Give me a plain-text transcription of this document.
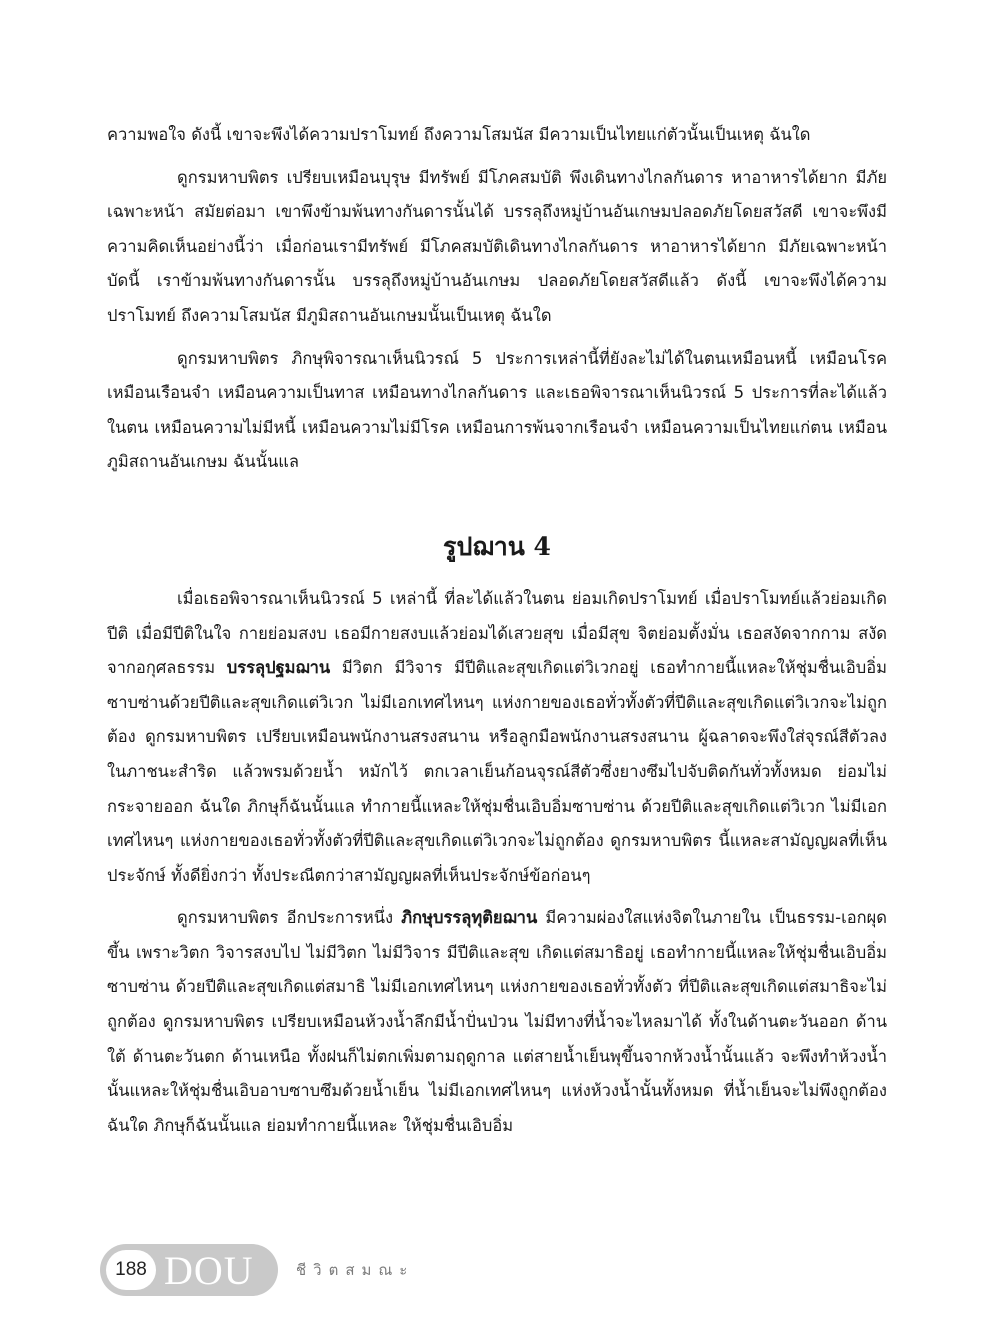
ความพอใจ ดังนี้ เขาจะพึงได้ความปราโมทย์ ถึงความโสมนัส มีความเป็นไทยแก่ตัวนั้นเป็นเหตุ ฉันใด

ดูกรมหาบพิตร เปรียบเหมือนบุรุษ มีทรัพย์ มีโภคสมบัติ พึงเดินทางไกลกันดาร หาอาหารได้ยาก มีภัยเฉพาะหน้า สมัยต่อมา เขาพึงข้ามพ้นทางกันดารนั้นได้ บรรลุถึงหมู่บ้านอันเกษมปลอดภัยโดยสวัสดี เขาจะพึงมีความคิดเห็นอย่างนี้ว่า เมื่อก่อนเรามีทรัพย์ มีโภคสมบัติเดินทางไกลกันดาร หาอาหารได้ยาก มีภัยเฉพาะหน้า บัดนี้ เราข้ามพ้นทางกันดารนั้น บรรลุถึงหมู่บ้านอันเกษม ปลอดภัยโดยสวัสดีแล้ว ดังนี้ เขาจะพึงได้ความปราโมทย์ ถึงความโสมนัส มีภูมิสถานอันเกษมนั้นเป็นเหตุ ฉันใด

ดูกรมหาบพิตร ภิกษุพิจารณาเห็นนิวรณ์ 5 ประการเหล่านี้ที่ยังละไม่ได้ในตนเหมือนหนี้ เหมือนโรค เหมือนเรือนจำ เหมือนความเป็นทาส เหมือนทางไกลกันดาร และเธอพิจารณาเห็นนิวรณ์ 5 ประการที่ละได้แล้วในตน เหมือนความไม่มีหนี้ เหมือนความไม่มีโรค เหมือนการพ้นจากเรือนจำ เหมือนความเป็นไทยแก่ตน เหมือนภูมิสถานอันเกษม ฉันนั้นแล

รูปฌาน 4

เมื่อเธอพิจารณาเห็นนิวรณ์ 5 เหล่านี้ ที่ละได้แล้วในตน ย่อมเกิดปราโมทย์ เมื่อปราโมทย์แล้วย่อมเกิดปีติ เมื่อมีปีติในใจ กายย่อมสงบ เธอมีกายสงบแล้วย่อมได้เสวยสุข เมื่อมีสุข จิตย่อมตั้งมั่น เธอสงัดจากกาม สงัดจากอกุศลธรรม บรรลุปฐมฌาน มีวิตก มีวิจาร มีปีติและสุขเกิดแต่วิเวกอยู่ เธอทำกายนี้แหละให้ชุ่มชื่นเอิบอิ่มซาบซ่านด้วยปีติและสุขเกิดแต่วิเวก ไม่มีเอกเทศไหนๆ แห่งกายของเธอทั่วทั้งตัวที่ปีติและสุขเกิดแต่วิเวกจะไม่ถูกต้อง ดูกรมหาบพิตร เปรียบเหมือนพนักงานสรงสนาน หรือลูกมือพนักงานสรงสนาน ผู้ฉลาดจะพึงใส่จุรณ์สีตัวลงในภาชนะสำริด แล้วพรมด้วยน้ำ หมักไว้ ตกเวลาเย็นก้อนจุรณ์สีตัวซึ่งยางซึมไปจับติดกันทั่วทั้งหมด ย่อมไม่กระจายออก ฉันใด ภิกษุก็ฉันนั้นแล ทำกายนี้แหละให้ชุ่มชื่นเอิบอิ่มซาบซ่าน ด้วยปีติและสุขเกิดแต่วิเวก ไม่มีเอกเทศไหนๆ แห่งกายของเธอทั่วทั้งตัวที่ปีติและสุขเกิดแต่วิเวกจะไม่ถูกต้อง ดูกรมหาบพิตร นี้แหละสามัญญผลที่เห็นประจักษ์ ทั้งดียิ่งกว่า ทั้งประณีตกว่าสามัญญผลที่เห็นประจักษ์ข้อก่อนๆ

ดูกรมหาบพิตร อีกประการหนึ่ง ภิกษุบรรลุทุติยฌาน มีความผ่องใสแห่งจิตในภายใน เป็นธรรม-เอกผุดขึ้น เพราะวิตก วิจารสงบไป ไม่มีวิตก ไม่มีวิจาร มีปีติและสุข เกิดแต่สมาธิอยู่ เธอทำกายนี้แหละให้ชุ่มชื่นเอิบอิ่มซาบซ่าน ด้วยปีติและสุขเกิดแต่สมาธิ ไม่มีเอกเทศไหนๆ แห่งกายของเธอทั่วทั้งตัว ที่ปีติและสุขเกิดแต่สมาธิจะไม่ถูกต้อง ดูกรมหาบพิตร เปรียบเหมือนห้วงน้ำลึกมีน้ำปั่นป่วน ไม่มีทางที่น้ำจะไหลมาได้ ทั้งในด้านตะวันออก ด้านใต้ ด้านตะวันตก ด้านเหนือ ทั้งฝนก็ไม่ตกเพิ่มตามฤดูกาล แต่สายน้ำเย็นพุขึ้นจากห้วงน้ำนั้นแล้ว จะพึงทำห้วงน้ำนั้นแหละให้ชุ่มชื่นเอิบอาบซาบซึมด้วยน้ำเย็น ไม่มีเอกเทศไหนๆ แห่งห้วงน้ำนั้นทั้งหมด ที่น้ำเย็นจะไม่พึงถูกต้องฉันใด ภิกษุก็ฉันนั้นแล ย่อมทำกายนี้แหละ ให้ชุ่มชื่นเอิบอิ่ม

188 DOU	ชีวิตสมณะ
